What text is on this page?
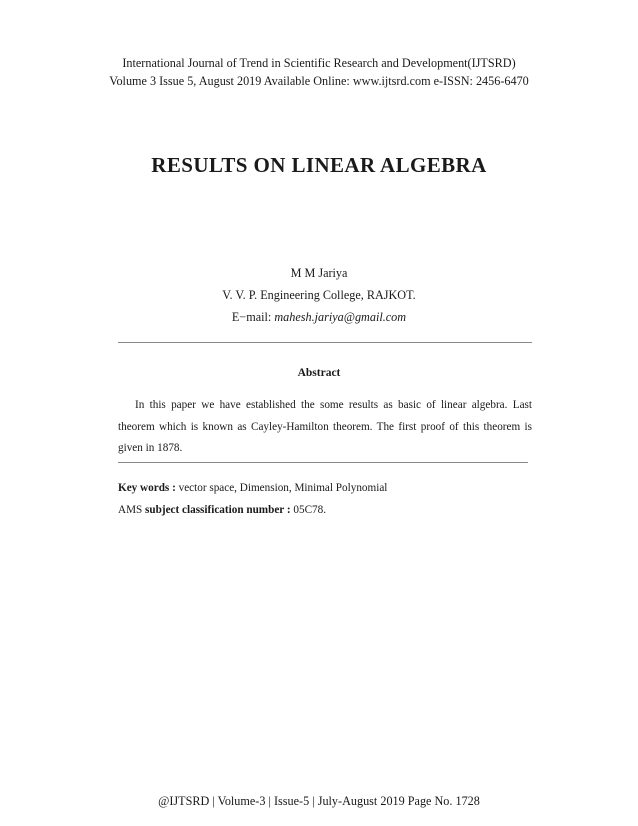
International Journal of Trend in Scientific Research and Development(IJTSRD)
Volume 3 Issue 5, August 2019 Available Online: www.ijtsrd.com e-ISSN: 2456-6470
RESULTS ON LINEAR ALGEBRA
M M Jariya
V. V. P. Engineering College, RAJKOT.
E−mail: mahesh.jariya@gmail.com
Abstract
In this paper we have established the some results as basic of linear algebra. Last theorem which is known as Cayley-Hamilton theorem. The first proof of this theorem is given in 1878.
Key words : vector space, Dimension, Minimal Polynomial
AMS subject classification number : 05C78.
@IJTSRD | Volume-3 | Issue-5 | July-August 2019 Page No. 1728
